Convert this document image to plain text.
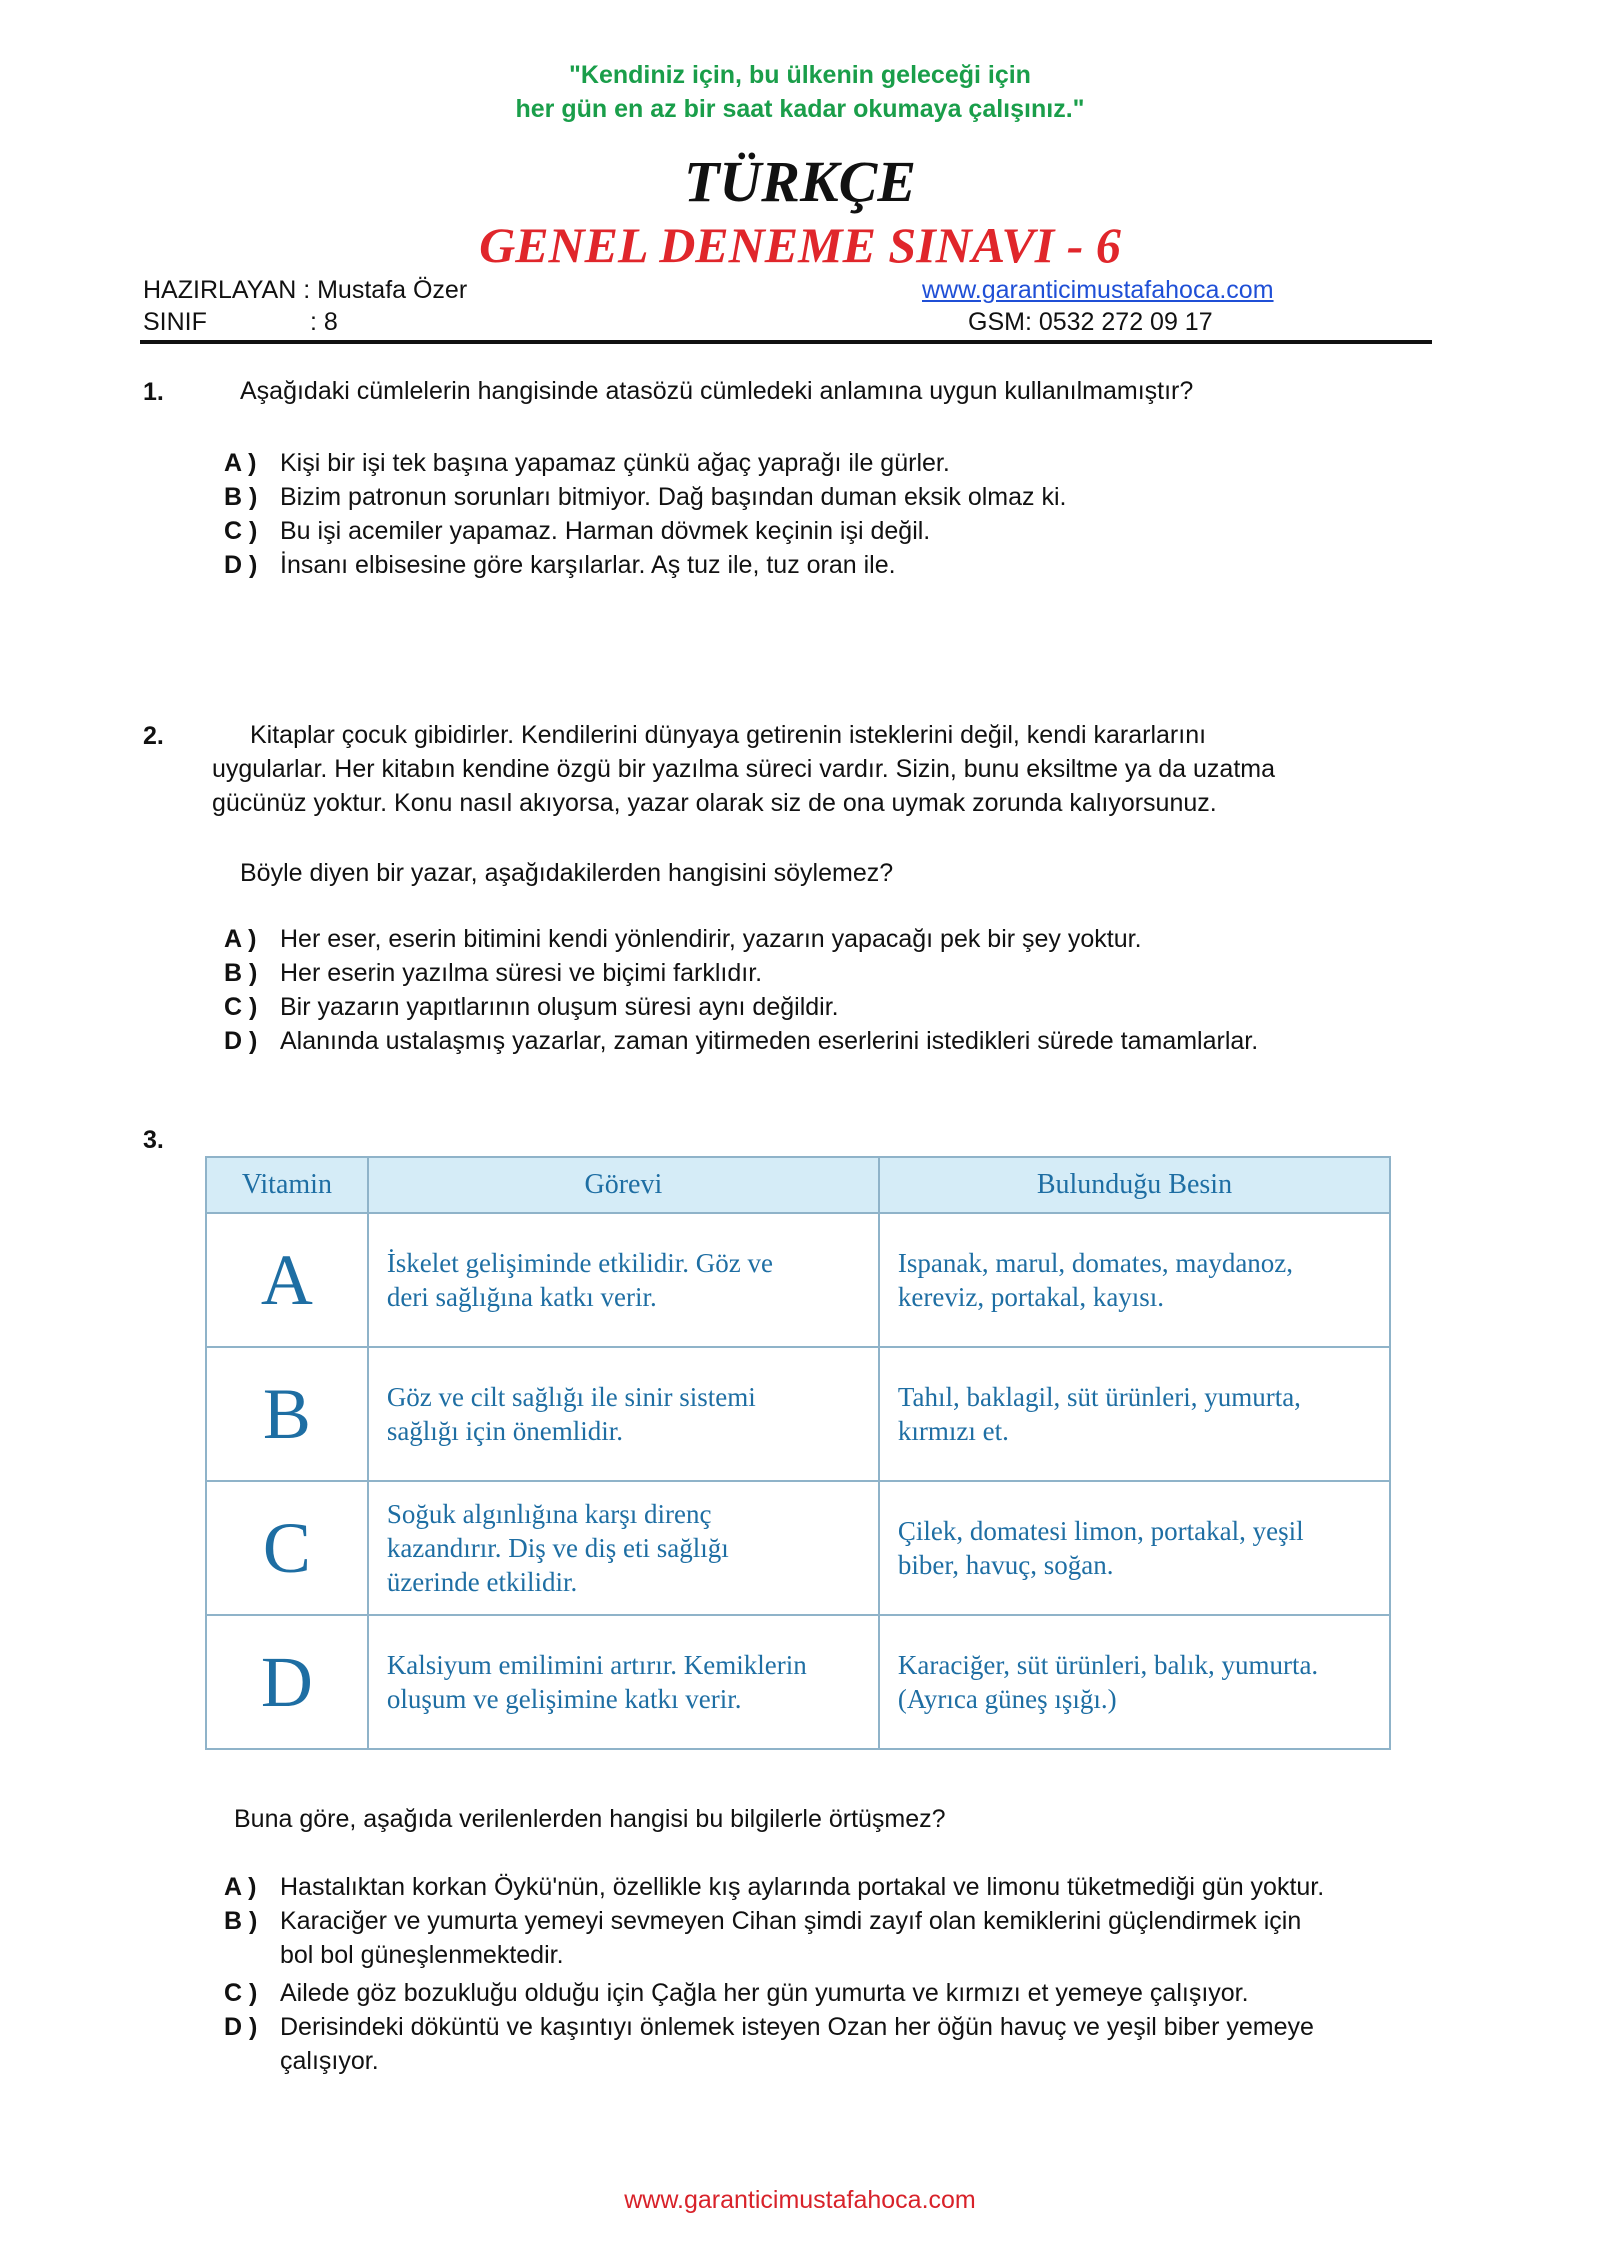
"Kendiniz için, bu ülkenin geleceği için
her gün en az bir saat kadar okumaya çalışınız."
TÜRKÇE
GENEL DENEME SINAVI - 6
HAZIRLAYAN : Mustafa Özer
SINIF	: 8
www.garanticimustafahoca.com
GSM: 0532 272 09 17
1.	Aşağıdaki cümlelerin hangisinde atasözü cümledeki anlamına uygun kullanılmamıştır?
A ) Kişi bir işi tek başına yapamaz çünkü ağaç yaprağı ile gürler.
B ) Bizim patronun sorunları bitmiyor. Dağ başından duman eksik olmaz ki.
C ) Bu işi acemiler yapamaz. Harman dövmek keçinin işi değil.
D ) İnsanı elbisesine göre karşılarlar. Aş tuz ile, tuz oran ile.
2.	Kitaplar çocuk gibidirler. Kendilerini dünyaya getirenin isteklerini değil, kendi kararlarını
uygularlar. Her kitabın kendine özgü bir yazılma süreci vardır. Sizin, bunu eksiltme ya da uzatma
gücünüz yoktur. Konu nasıl akıyorsa, yazar olarak siz de ona uymak zorunda kalıyorsunuz.
Böyle diyen bir yazar, aşağıdakilerden hangisini söylemez?
A ) Her eser, eserin bitimini kendi yönlendirir, yazarın yapacağı pek bir şey yoktur.
B ) Her eserin yazılma süresi ve biçimi farklıdır.
C ) Bir yazarın yapıtlarının oluşum süresi aynı değildir.
D ) Alanında ustalaşmış yazarlar, zaman yitirmeden eserlerini istedikleri sürede tamamlarlar.
3.
Vitamin	Görevi	Bulunduğu Besin
A	İskelet gelişiminde etkilidir. Göz ve
deri sağlığına katkı verir.	Ispanak, marul, domates, maydanoz,
kereviz, portakal, kayısı.
B	Göz ve cilt sağlığı ile sinir sistemi
sağlığı için önemlidir.	Tahıl, baklagil, süt ürünleri, yumurta,
kırmızı et.
C	Soğuk algınlığına karşı direnç
kazandırır. Diş ve diş eti sağlığı
üzerinde etkilidir.	Çilek, domatesi limon, portakal, yeşil
biber, havuç, soğan.
D	Kalsiyum emilimini artırır. Kemiklerin
oluşum ve gelişimine katkı verir.	Karaciğer, süt ürünleri, balık, yumurta.
(Ayrıca güneş ışığı.)
Buna göre, aşağıda verilenlerden hangisi bu bilgilerle örtüşmez?
A ) Hastalıktan korkan Öykü'nün, özellikle kış aylarında portakal ve limonu tüketmediği gün yoktur.
B ) Karaciğer ve yumurta yemeyi sevmeyen Cihan şimdi zayıf olan kemiklerini güçlendirmek için
bol bol güneşlenmektedir.
C ) Ailede göz bozukluğu olduğu için Çağla her gün yumurta ve kırmızı et yemeye çalışıyor.
D ) Derisindeki döküntü ve kaşıntıyı önlemek isteyen Ozan her öğün havuç ve yeşil biber yemeye
çalışıyor.
www.garanticimustafahoca.com
